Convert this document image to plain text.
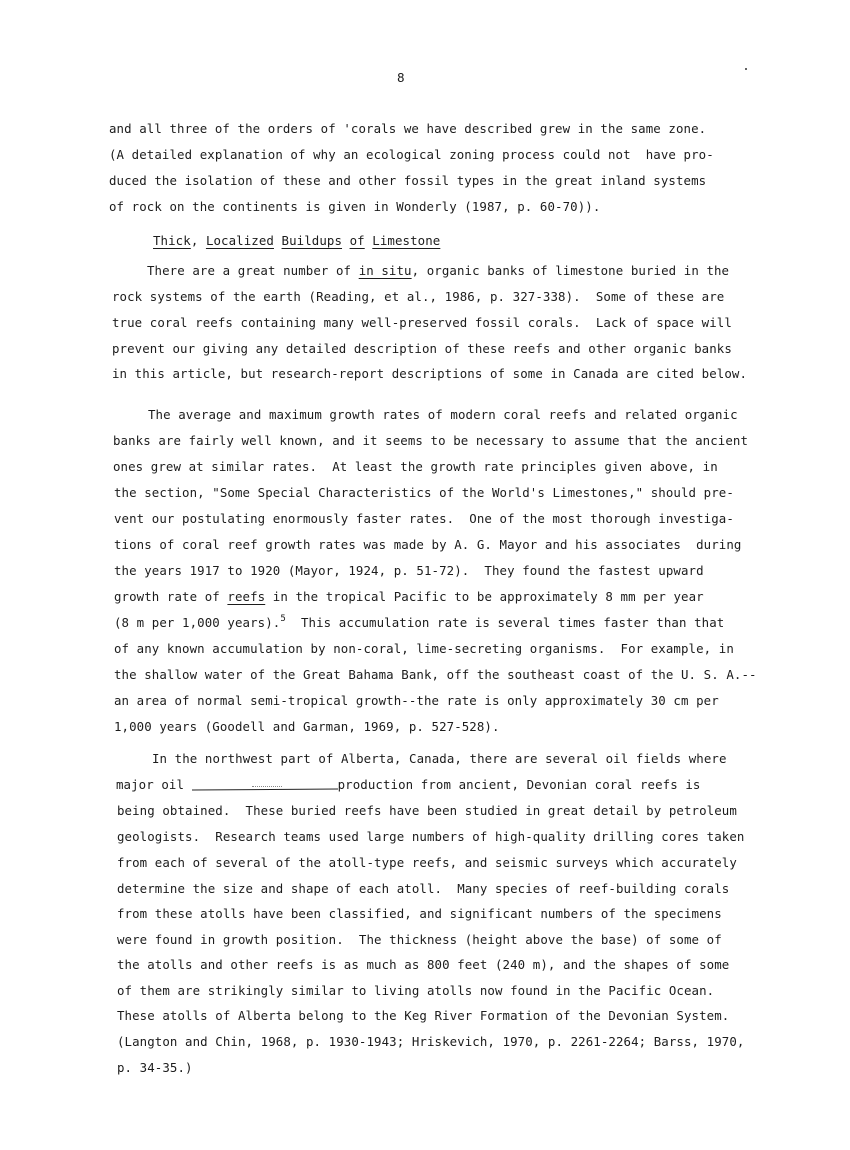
8
and all three of the orders of 'corals we have described grew in the same zone.
(A detailed explanation of why an ecological zoning process could not  have pro-
duced the isolation of these and other fossil types in the great inland systems
of rock on the continents is given in Wonderly (1987, p. 60-70)).
Thick, Localized Buildups of Limestone
There are a great number of in situ, organic banks of limestone buried in the
rock systems of the earth (Reading, et al., 1986, p. 327-338).  Some of these are
true coral reefs containing many well-preserved fossil corals.  Lack of space will
prevent our giving any detailed description of these reefs and other organic banks
in this article, but research-report descriptions of some in Canada are cited below.
The average and maximum growth rates of modern coral reefs and related organic
banks are fairly well known, and it seems to be necessary to assume that the ancient
ones grew at similar rates.  At least the growth rate principles given above, in
the section, "Some Special Characteristics of the World's Limestones," should pre-
vent our postulating enormously faster rates.  One of the most thorough investiga-
tions of coral reef growth rates was made by A. G. Mayor and his associates  during
the years 1917 to 1920 (Mayor, 1924, p. 51-72).  They found the fastest upward
growth rate of reefs in the tropical Pacific to be approximately 8 mm per year
(8 m per 1,000 years).$^5$  This accumulation rate is several times faster than that
of any known accumulation by non-coral, lime-secreting organisms.  For example, in
the shallow water of the Great Bahama Bank, off the southeast coast of the U. S. A.--
an area of normal semi-tropical growth--the rate is only approximately 30 cm per
1,000 years (Goodell and Garman, 1969, p. 527-528).
In the northwest part of Alberta, Canada, there are several oil fields where
major oil	production from ancient, Devonian coral reefs is
being obtained.  These buried reefs have been studied in great detail by petroleum
geologists.  Research teams used large numbers of high-quality drilling cores taken
from each of several of the atoll-type reefs, and seismic surveys which accurately
determine the size and shape of each atoll.  Many species of reef-building corals
from these atolls have been classified, and significant numbers of the specimens
were found in growth position.  The thickness (height above the base) of some of
the atolls and other reefs is as much as 800 feet (240 m), and the shapes of some
of them are strikingly similar to living atolls now found in the Pacific Ocean.
These atolls of Alberta belong to the Keg River Formation of the Devonian System.
(Langton and Chin, 1968, p. 1930-1943; Hriskevich, 1970, p. 2261-2264; Barss, 1970,
p. 34-35.)
